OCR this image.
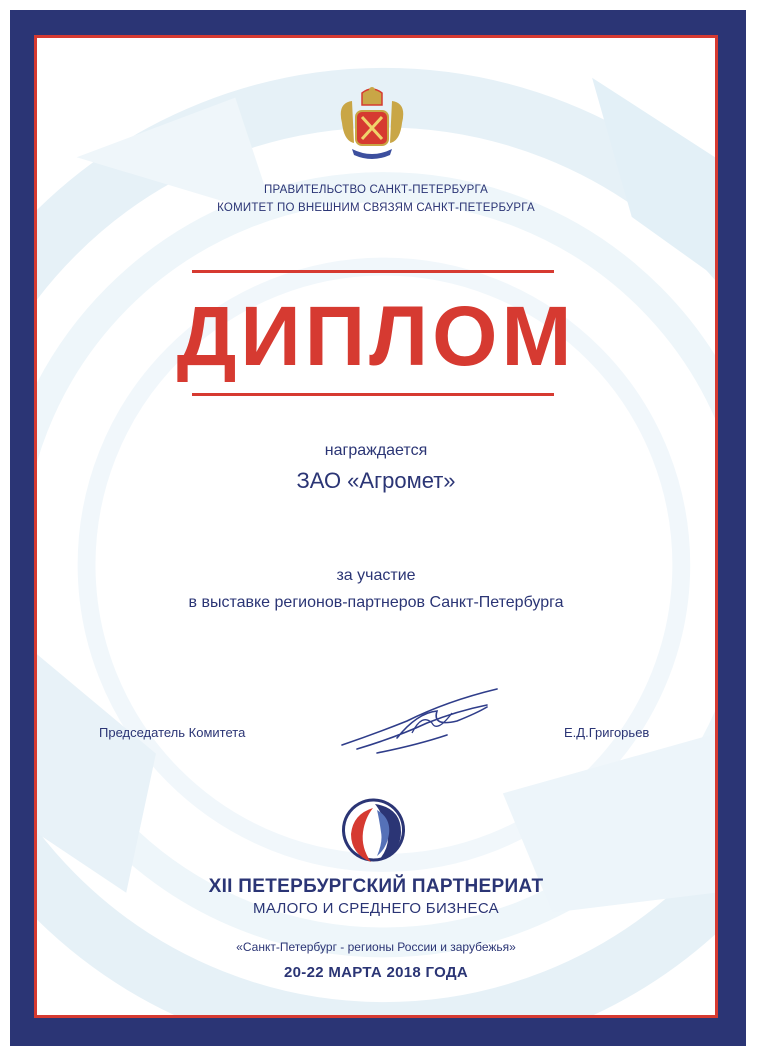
ПРАВИТЕЛЬСТВО САНКТ-ПЕТЕРБУРГА
КОМИТЕТ ПО ВНЕШНИМ СВЯЗЯМ САНКТ-ПЕТЕРБУРГА
ДИПЛОМ
награждается
ЗАО «Агромет»
за участие
в выставке регионов-партнеров Санкт-Петербурга
Председатель Комитета	Е.Д.Григорьев
XII ПЕТЕРБУРГСКИЙ ПАРТНЕРИАТ
МАЛОГО И СРЕДНЕГО БИЗНЕСА
«Санкт-Петербург - регионы России и зарубежья»
20-22 МАРТА 2018 ГОДА
